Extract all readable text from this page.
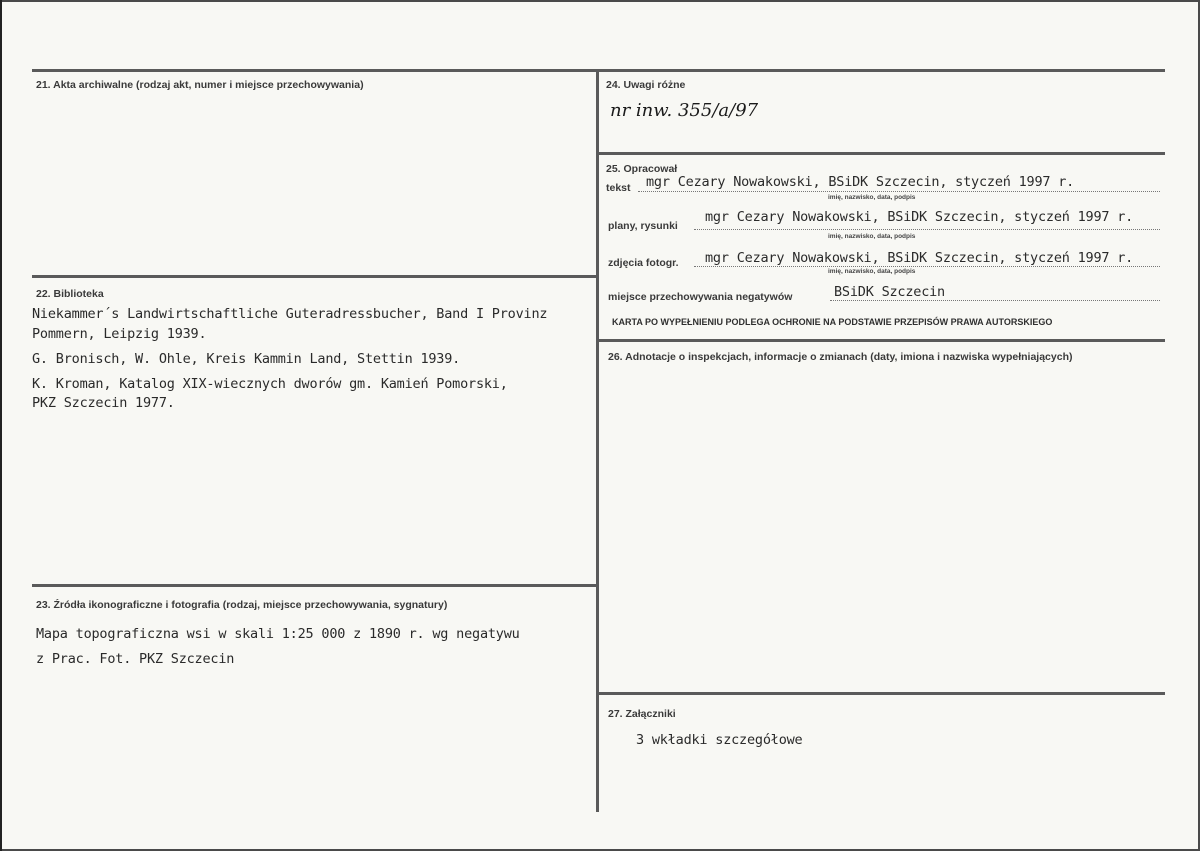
21. Akta archiwalne (rodzaj akt, numer i miejsce przechowywania)
22. Biblioteka
Niekammer´s Landwirtschaftliche Guteradressbucher, Band I Provinz
Pommern, Leipzig 1939.
G. Bronisch, W. Ohle, Kreis Kammin Land, Stettin 1939.
K. Kroman, Katalog XIX-wiecznych dworów gm. Kamień Pomorski,
PKZ Szczecin 1977.
23. Źródła ikonograficzne i fotografia (rodzaj, miejsce przechowywania, sygnatury)
Mapa topograficzna wsi w skali 1:25 000 z 1890 r. wg negatywu
z Prac. Fot. PKZ Szczecin
24. Uwagi różne
nr inw. 355/a/97
25. Opracował
tekst mgr Cezary Nowakowski, BSiDK Szczecin, styczeń 1997 r.
imię, nazwisko, data, podpis
plany, rysunki
mgr Cezary Nowakowski, BSiDK Szczecin, styczeń 1997 r.
imię, nazwisko, data, podpis
zdjęcia fotogr. mgr Cezary Nowakowski, BSiDK Szczecin, styczeń 1997 r.
imię, nazwisko, data, podpis
miejsce przechowywania negatywów	BSiDK Szczecin
KARTA PO WYPEŁNIENIU PODLEGA OCHRONIE NA PODSTAWIE PRZEPISÓW PRAWA AUTORSKIEGO
26. Adnotacje o inspekcjach, informacje o zmianach (daty, imiona i nazwiska wypełniających)
27. Załączniki
3 wkładki szczegółowe
